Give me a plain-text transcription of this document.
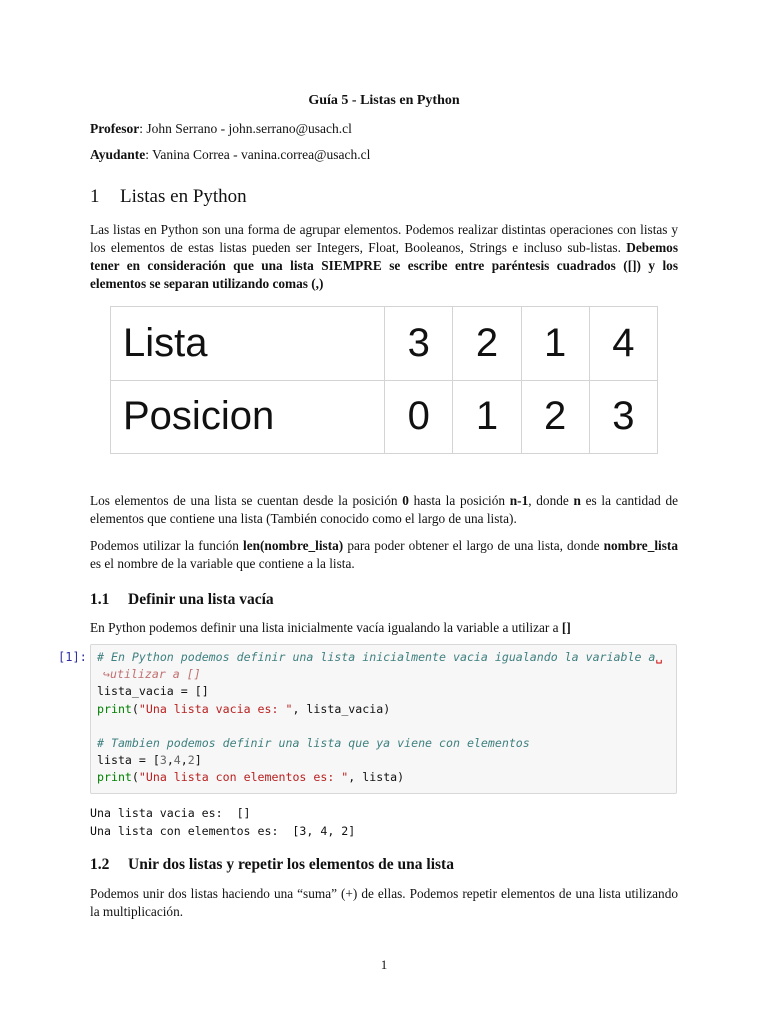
Guía 5 - Listas en Python
Profesor: John Serrano - john.serrano@usach.cl
Ayudante: Vanina Correa - vanina.correa@usach.cl
1 Listas en Python
Las listas en Python son una forma de agrupar elementos. Podemos realizar distintas operaciones con listas y los elementos de estas listas pueden ser Integers, Float, Booleanos, Strings e incluso sub-listas. Debemos tener en consideración que una lista SIEMPRE se escribe entre paréntesis cuadrados ([]) y los elementos se separan utilizando comas (,)
Lista	3	2	1	4
Posicion	0	1	2	3
Los elementos de una lista se cuentan desde la posición 0 hasta la posición n-1, donde n es la cantidad de elementos que contiene una lista (También conocido como el largo de una lista).
Podemos utilizar la función len(nombre_lista) para poder obtener el largo de una lista, donde nombre_lista es el nombre de la variable que contiene a la lista.
1.1 Definir una lista vacía
En Python podemos definir una lista inicialmente vacía igualando la variable a utilizar a []
[1]: # En Python podemos definir una lista inicialmente vacia igualando la variable a␣
↪utilizar a []
lista_vacia = []
print("Una lista vacia es: ", lista_vacia)

# Tambien podemos definir una lista que ya viene con elementos
lista = [3,4,2]
print("Una lista con elementos es: ", lista)
Una lista vacia es:  []
Una lista con elementos es:  [3, 4, 2]
1.2 Unir dos listas y repetir los elementos de una lista
Podemos unir dos listas haciendo una “suma” (+) de ellas. Podemos repetir elementos de una lista utilizando la multiplicación.
1
